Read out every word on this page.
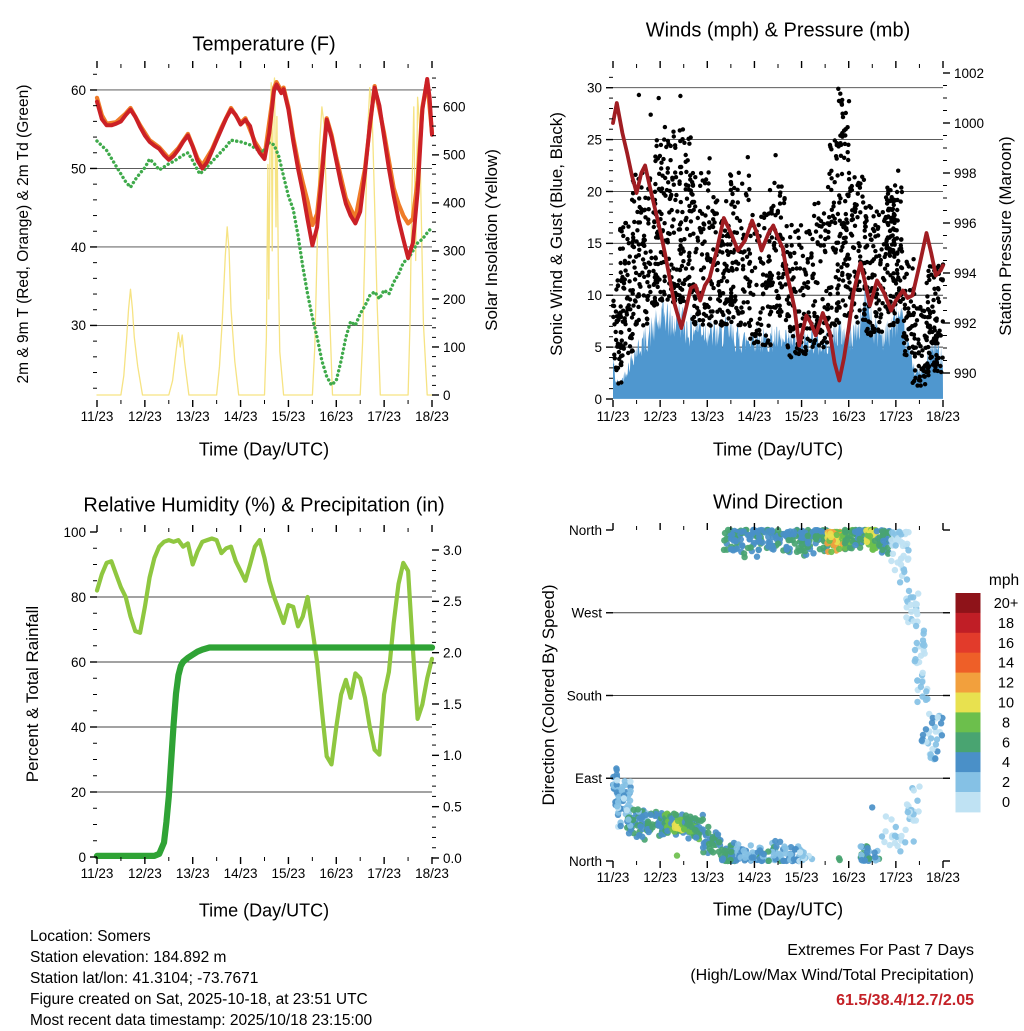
11/23 12/23 13/23 14/23 15/23 16/23 17/23 18/23
30
40
50
60
0
100
200
300
400
500
600
11/23 12/23 13/23 14/23 15/23 16/23 17/23 18/23
0
5
10
15
20
25
30
990
992
994
996
998
1000
1002
11/23 12/23 13/23 14/23 15/23 16/23 17/23 18/23
0
20
40
60
80
100
0.0
0.5
1.0
1.5
2.0
2.5
3.0
11/23 12/23 13/23 14/23 15/23 16/23 17/23 18/23
North
East
South
West
North
20+
18
16
14
12
10
8
6
4
2
0
mph
Temperature (F)
Winds (mph) & Pressure (mb)
Relative Humidity (%) & Precipitation (in)	Wind Direction
2m & 9m T (Red, Orange) & 2m Td (Green)	Solar Insolation (Yellow)	Sonic Wind & Gust (Blue, Black)	Station Pressure (Maroon)
Percent & Total Rainfall	Direction (Colored By Speed)
Time (Day/UTC)	Time (Day/UTC)
Time (Day/UTC)	Time (Day/UTC)
Location: Somers
Station elevation: 184.892 m
Station lat/lon: 41.3104; -73.7671
Figure created on Sat, 2025-10-18, at 23:51 UTC
Most recent data timestamp: 2025/10/18 23:15:00
Extremes For Past 7 Days
(High/Low/Max Wind/Total Precipitation)
61.5/38.4/12.7/2.05
